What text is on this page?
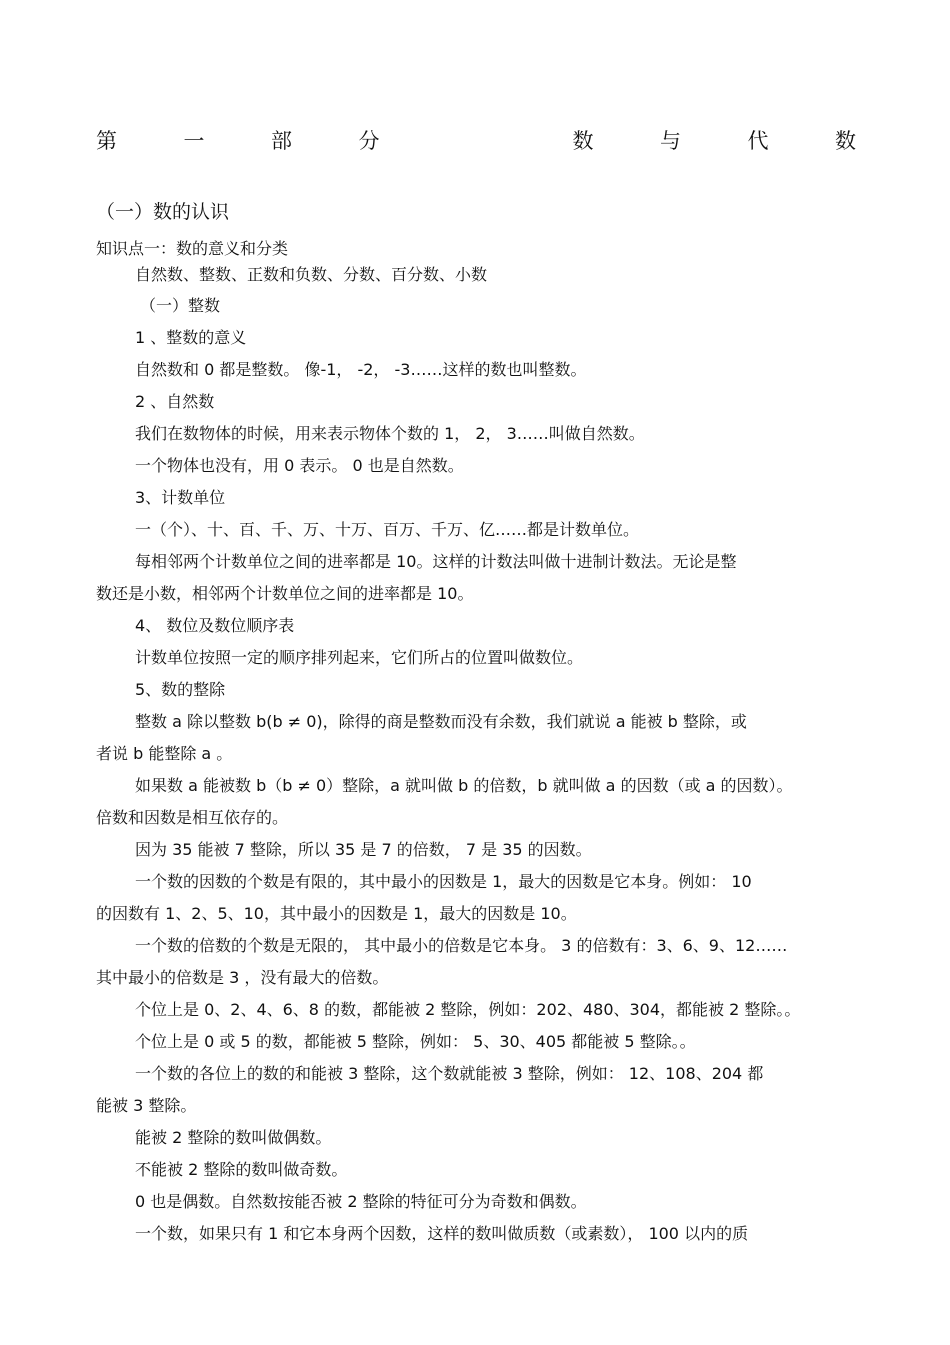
第	一	部	分	数	与	代	数
（一）数的认识
知识点一：数的意义和分类
自然数、整数、正数和负数、分数、百分数、小数
（一）整数
1 、整数的意义
自然数和 0 都是整数。 像-1， -2， -3……这样的数也叫整数。
2 、自然数
我们在数物体的时候，用来表示物体个数的 1， 2， 3……叫做自然数。
一个物体也没有，用 0 表示。 0 也是自然数。
3、计数单位
一（个）、十、百、千、万、十万、百万、千万、亿……都是计数单位。
每相邻两个计数单位之间的进率都是 10。这样的计数法叫做十进制计数法。无论是整
数还是小数，相邻两个计数单位之间的进率都是 10。
4、 数位及数位顺序表
计数单位按照一定的顺序排列起来，它们所占的位置叫做数位。
5、数的整除
整数 a 除以整数 b(b ≠ 0)，除得的商是整数而没有余数，我们就说 a 能被 b 整除，或
者说 b 能整除 a 。
如果数 a 能被数 b（b ≠ 0）整除，a 就叫做 b 的倍数，b 就叫做 a 的因数（或 a 的因数）。
倍数和因数是相互依存的。
因为 35 能被 7 整除，所以 35 是 7 的倍数， 7 是 35 的因数。
一个数的因数的个数是有限的，其中最小的因数是 1，最大的因数是它本身。例如： 10
的因数有 1、2、5、10，其中最小的因数是 1，最大的因数是 10。
一个数的倍数的个数是无限的， 其中最小的倍数是它本身。 3 的倍数有：3、6、9、12……
其中最小的倍数是 3 ，没有最大的倍数。
个位上是 0、2、4、6、8 的数，都能被 2 整除，例如：202、480、304，都能被 2 整除。。
个位上是 0 或 5 的数，都能被 5 整除，例如： 5、30、405 都能被 5 整除。。
一个数的各位上的数的和能被 3 整除，这个数就能被 3 整除，例如： 12、108、204 都
能被 3 整除。
能被 2 整除的数叫做偶数。
不能被 2 整除的数叫做奇数。
0 也是偶数。自然数按能否被 2 整除的特征可分为奇数和偶数。
一个数，如果只有 1 和它本身两个因数，这样的数叫做质数（或素数）， 100 以内的质
